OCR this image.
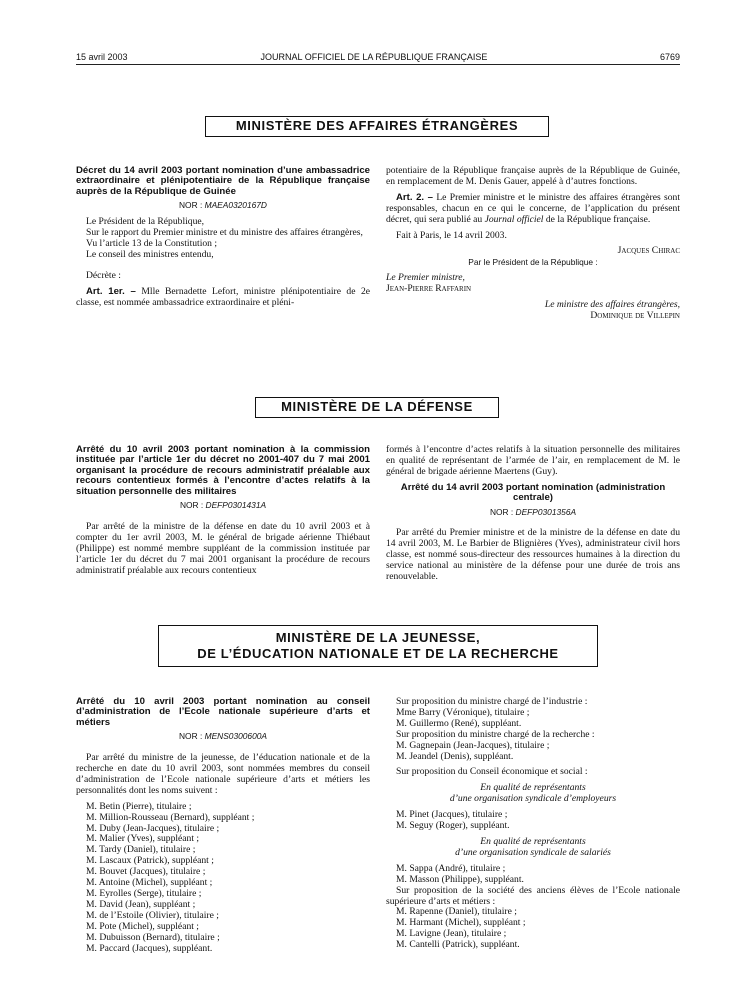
15 avril 2003	JOURNAL OFFICIEL DE LA RÉPUBLIQUE FRANÇAISE	6769
MINISTÈRE DES AFFAIRES ÉTRANGÈRES

Décret du 14 avril 2003 portant nomination d’une ambassadrice extraordinaire et plénipotentiaire de la République française auprès de la République de Guinée

NOR : MAEA0320167D

Le Président de la République,

Sur le rapport du Premier ministre et du ministre des affaires étrangères,

Vu l’article 13 de la Constitution ;

Le conseil des ministres entendu,

Décrète :

Art. 1er. – Mlle Bernadette Lefort, ministre plénipotentiaire de 2e classe, est nommée ambassadrice extraordinaire et pléni-

potentiaire de la République française auprès de la République de Guinée, en remplacement de M. Denis Gauer, appelé à d’autres fonctions.

Art. 2. – Le Premier ministre et le ministre des affaires étrangères sont responsables, chacun en ce qui le concerne, de l’application du présent décret, qui sera publié au Journal officiel de la République française.

Fait à Paris, le 14 avril 2003.

Jacques Chirac

Par le Président de la République :

Le Premier ministre,

Jean-Pierre Raffarin

Le ministre des affaires étrangères,

Dominique de Villepin

MINISTÈRE DE LA DÉFENSE

Arrêté du 10 avril 2003 portant nomination à la commission instituée par l’article 1er du décret no 2001-407 du 7 mai 2001 organisant la procédure de recours administratif préalable aux recours contentieux formés à l’encontre d’actes relatifs à la situation personnelle des militaires

NOR : DEFP0301431A

Par arrêté de la ministre de la défense en date du 10 avril 2003 et à compter du 1er avril 2003, M. le général de brigade aérienne Thiébaut (Philippe) est nommé membre suppléant de la commission instituée par l’article 1er du décret du 7 mai 2001 organisant la procédure de recours administratif préalable aux recours contentieux

formés à l’encontre d’actes relatifs à la situation personnelle des militaires en qualité de représentant de l’armée de l’air, en remplacement de M. le général de brigade aérienne Maertens (Guy).

Arrêté du 14 avril 2003 portant nomination (administration centrale)

NOR : DEFP0301356A

Par arrêté du Premier ministre et de la ministre de la défense en date du 14 avril 2003, M. Le Barbier de Blignières (Yves), administrateur civil hors classe, est nommé sous-directeur des ressources humaines à la direction du service national au ministère de la défense pour une durée de trois ans renouvelable.

MINISTÈRE DE LA JEUNESSE,
DE L’ÉDUCATION NATIONALE ET DE LA RECHERCHE

Arrêté du 10 avril 2003 portant nomination au conseil d’administration de l’Ecole nationale supérieure d’arts et métiers

NOR : MENS0300600A

Par arrêté du ministre de la jeunesse, de l’éducation nationale et de la recherche en date du 10 avril 2003, sont nommées membres du conseil d’administration de l’Ecole nationale supérieure d’arts et métiers les personnalités dont les noms suivent :

M. Betin (Pierre), titulaire ;
M. Million-Rousseau (Bernard), suppléant ;
M. Duby (Jean-Jacques), titulaire ;
M. Malier (Yves), suppléant ;
M. Tardy (Daniel), titulaire ;
M. Lascaux (Patrick), suppléant ;
M. Bouvet (Jacques), titulaire ;
M. Antoine (Michel), suppléant ;
M. Eyrolles (Serge), titulaire ;
M. David (Jean), suppléant ;
M. de l’Estoile (Olivier), titulaire ;
M. Pote (Michel), suppléant ;
M. Dubuisson (Bernard), titulaire ;
M. Paccard (Jacques), suppléant.

Sur proposition du ministre chargé de l’industrie :

Mme Barry (Véronique), titulaire ;
M. Guillermo (René), suppléant.

Sur proposition du ministre chargé de la recherche :

M. Gagnepain (Jean-Jacques), titulaire ;
M. Jeandel (Denis), suppléant.

Sur proposition du Conseil économique et social :

En qualité de représentants

d’une organisation syndicale d’employeurs

M. Pinet (Jacques), titulaire ;
M. Seguy (Roger), suppléant.

En qualité de représentants

d’une organisation syndicale de salariés

M. Sappa (André), titulaire ;
M. Masson (Philippe), suppléant.

Sur proposition de la société des anciens élèves de l’Ecole nationale supérieure d’arts et métiers :

M. Rapenne (Daniel), titulaire ;
M. Harmant (Michel), suppléant ;
M. Lavigne (Jean), titulaire ;
M. Cantelli (Patrick), suppléant.
